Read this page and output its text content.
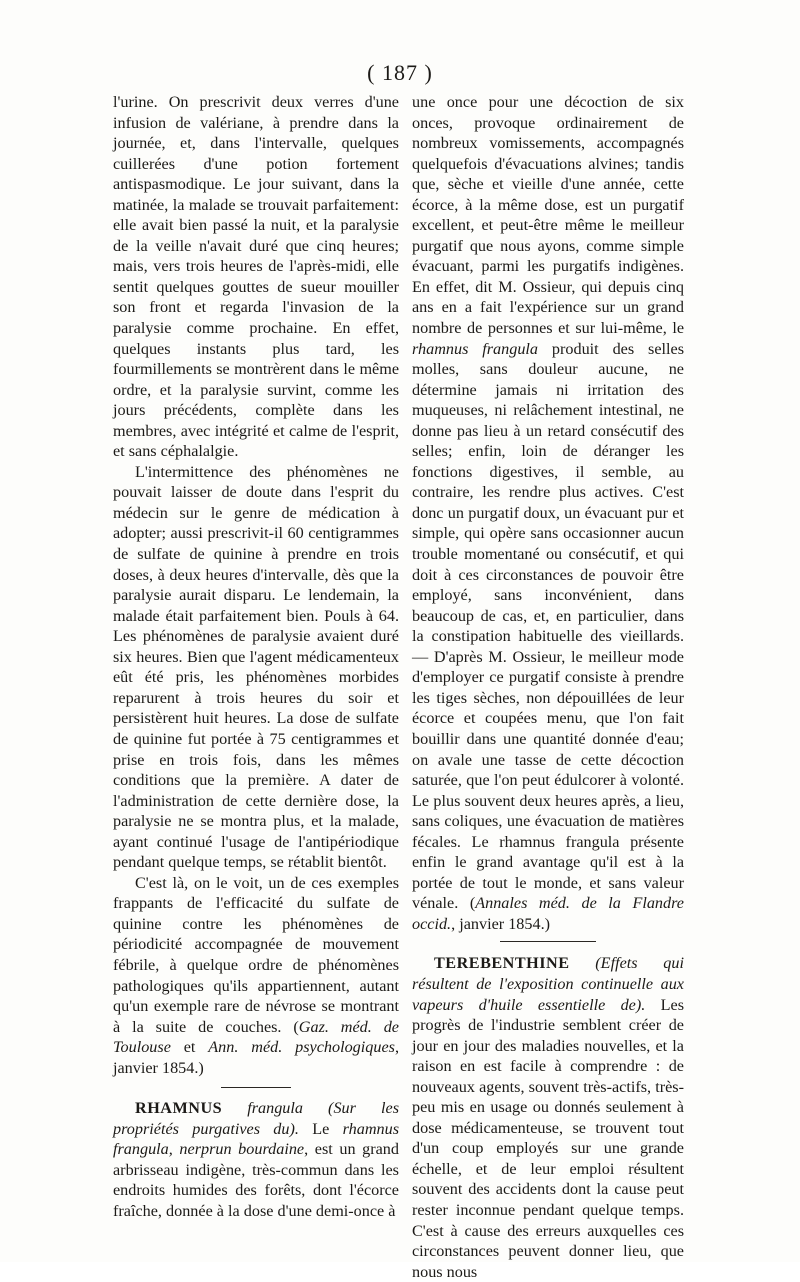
( 187 )

l'urine. On prescrivit deux verres d'une infusion de valériane, à prendre dans la journée, et, dans l'intervalle, quelques cuillerées d'une potion fortement antispasmodique. Le jour suivant, dans la matinée, la malade se trouvait parfaitement: elle avait bien passé la nuit, et la paralysie de la veille n'avait duré que cinq heures; mais, vers trois heures de l'après-midi, elle sentit quelques gouttes de sueur mouiller son front et regarda l'invasion de la paralysie comme prochaine. En effet, quelques instants plus tard, les fourmillements se montrèrent dans le même ordre, et la paralysie survint, comme les jours précédents, complète dans les membres, avec intégrité et calme de l'esprit, et sans céphalalgie.

L'intermittence des phénomènes ne pouvait laisser de doute dans l'esprit du médecin sur le genre de médication à adopter; aussi prescrivit-il 60 centigrammes de sulfate de quinine à prendre en trois doses, à deux heures d'intervalle, dès que la paralysie aurait disparu. Le lendemain, la malade était parfaitement bien. Pouls à 64. Les phénomènes de paralysie avaient duré six heures. Bien que l'agent médicamenteux eût été pris, les phénomènes morbides reparurent à trois heures du soir et persistèrent huit heures. La dose de sulfate de quinine fut portée à 75 centigrammes et prise en trois fois, dans les mêmes conditions que la première. A dater de l'administration de cette dernière dose, la paralysie ne se montra plus, et la malade, ayant continué l'usage de l'antipériodique pendant quelque temps, se rétablit bientôt.

C'est là, on le voit, un de ces exemples frappants de l'efficacité du sulfate de quinine contre les phénomènes de périodicité accompagnée de mouvement fébrile, à quelque ordre de phénomènes pathologiques qu'ils appartiennent, autant qu'un exemple rare de névrose se montrant à la suite de couches. (Gaz. méd. de Toulouse et Ann. méd. psychologiques, janvier 1854.)

RHAMNUS frangula (Sur les propriétés purgatives du). Le rhamnus frangula, nerprun bourdaine, est un grand arbrisseau indigène, très-commun dans les endroits humides des forêts, dont l'écorce fraîche, donnée à la dose d'une demi-once à

une once pour une décoction de six onces, provoque ordinairement de nombreux vomissements, accompagnés quelquefois d'évacuations alvines; tandis que, sèche et vieille d'une année, cette écorce, à la même dose, est un purgatif excellent, et peut-être même le meilleur purgatif que nous ayons, comme simple évacuant, parmi les purgatifs indigènes. En effet, dit M. Ossieur, qui depuis cinq ans en a fait l'expérience sur un grand nombre de personnes et sur lui-même, le rhamnus frangula produit des selles molles, sans douleur aucune, ne détermine jamais ni irritation des muqueuses, ni relâchement intestinal, ne donne pas lieu à un retard consécutif des selles; enfin, loin de déranger les fonctions digestives, il semble, au contraire, les rendre plus actives. C'est donc un purgatif doux, un évacuant pur et simple, qui opère sans occasionner aucun trouble momentané ou consécutif, et qui doit à ces circonstances de pouvoir être employé, sans inconvénient, dans beaucoup de cas, et, en particulier, dans la constipation habituelle des vieillards. — D'après M. Ossieur, le meilleur mode d'employer ce purgatif consiste à prendre les tiges sèches, non dépouillées de leur écorce et coupées menu, que l'on fait bouillir dans une quantité donnée d'eau; on avale une tasse de cette décoction saturée, que l'on peut édulcorer à volonté. Le plus souvent deux heures après, a lieu, sans coliques, une évacuation de matières fécales. Le rhamnus frangula présente enfin le grand avantage qu'il est à la portée de tout le monde, et sans valeur vénale. (Annales méd. de la Flandre occid., janvier 1854.)

TEREBENTHINE (Effets qui résultent de l'exposition continuelle aux vapeurs d'huile essentielle de). Les progrès de l'industrie semblent créer de jour en jour des maladies nouvelles, et la raison en est facile à comprendre : de nouveaux agents, souvent très-actifs, très-peu mis en usage ou donnés seulement à dose médicamenteuse, se trouvent tout d'un coup employés sur une grande échelle, et de leur emploi résultent souvent des accidents dont la cause peut rester inconnue pendant quelque temps. C'est à cause des erreurs auxquelles ces circonstances peuvent donner lieu, que nous nous
